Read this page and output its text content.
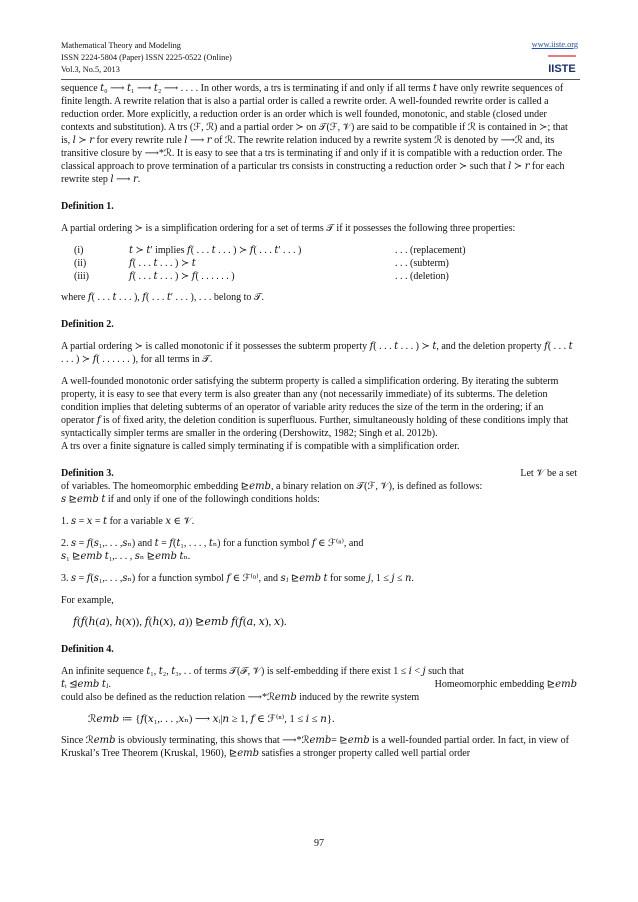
Mathematical Theory and Modeling
ISSN 2224-5804 (Paper) ISSN 2225-0522 (Online)
Vol.3, No.5, 2013
www.iiste.org
IISTE

sequence 𝑡₀ ⟶ 𝑡₁ ⟶ 𝑡₂ ⟶ . . . . In other words, a trs is terminating if and only if all terms 𝑡 have only rewrite sequences of finite length. A rewrite relation that is also a partial order is called a rewrite order. A well-founded rewrite order is called a reduction order. More explicitly, a reduction order is an order which is well founded, monotonic, and stable (closed under contexts and substitution). A trs (ℱ, ℛ) and a partial order ≻ on 𝒯(ℱ, 𝒱) are said to be compatible if ℛ is contained in ≻; that is, 𝑙 ≻ 𝑟 for every rewrite rule 𝑙 ⟶ 𝑟 of ℛ. The rewrite relation induced by a rewrite system ℛ is denoted by ⟶ℛ and, its transitive closure by ⟶*ℛ. It is easy to see that a trs is terminating if and only if it is compatible with a reduction order. The classical approach to prove termination of a particular trs consists in constructing a reduction order ≻ such that 𝑙 ≻ 𝑟 for each rewrite step 𝑙 ⟶ 𝑟.

Definition 1.

A partial ordering ≻ is a simplification ordering for a set of terms 𝒯 if it possesses the following three properties:

(i)	𝑡 ≻ 𝑡′ implies 𝑓( . . . 𝑡 . . . ) ≻ 𝑓( . . . 𝑡′ . . . )	. . . (replacement)
(ii)	𝑓( . . . 𝑡 . . . ) ≻ 𝑡	. . . (subterm)
(iii)	𝑓( . . . 𝑡 . . . ) ≻ 𝑓( . . . . . . )	. . . (deletion)

where 𝑓( . . . 𝑡 . . . ), 𝑓( . . . 𝑡′ . . . ), . . . belong to 𝒯.

Definition 2.

A partial ordering ≻ is called monotonic if it possesses the subterm property 𝑓( . . . 𝑡 . . . ) ≻ 𝑡, and the deletion property 𝑓( . . . 𝑡 . . . ) ≻ 𝑓( . . . . . . ), for all terms in 𝒯.

A well-founded monotonic order satisfying the subterm property is called a simplification ordering. By iterating the subterm property, it is easy to see that every term is also greater than any (not necessarily immediate) of its subterms. The deletion condition implies that deleting subterms of an operator of variable arity reduces the size of the term in the ordering; if an operator 𝑓 is of fixed arity, the deletion condition is superfluous. Further, simultaneously holding of these conditions imply that syntactically simpler terms are smaller in the ordering (Dershowitz, 1982; Singh et al. 2012b).

A trs over a finite signature is called simply terminating if is compatible with a simplification order.

Definition 3.	Let 𝒱 be a set

of variables. The homeomorphic embedding ⊵𝑒𝑚𝑏, a binary relation on 𝒯(ℱ, 𝒱), is defined as follows:

𝑠 ⊵𝑒𝑚𝑏 𝑡 if and only if one of the followingh conditions holds:

1. 𝑠 = 𝑥 = 𝑡 for a variable 𝑥 ∈ 𝒱.

2. 𝑠 = 𝑓(𝑠₁,. . . ,𝑠ₙ) and 𝑡 = 𝑓(𝑡₁, . . . , 𝑡ₙ) for a function symbol 𝑓 ∈ ℱ⁽ⁿ⁾, and

𝑠₁ ⊵𝑒𝑚𝑏 𝑡₁,. . . , 𝑠ₙ ⊵𝑒𝑚𝑏 𝑡ₙ.

3. 𝑠 = 𝑓(𝑠₁,. . . ,𝑠ₙ) for a function symbol 𝑓 ∈ ℱ⁽ⁿ⁾, and 𝑠ⱼ ⊵𝑒𝑚𝑏 𝑡 for some 𝑗, 1 ≤ 𝑗 ≤ 𝑛.

For example,

𝑓(𝑓(ℎ(𝑎), ℎ(𝑥)), 𝑓(ℎ(𝑥), 𝑎)) ⊵𝑒𝑚𝑏 𝑓(𝑓(𝑎, 𝑥), 𝑥).
Definition 4.

An infinite sequence 𝑡₁, 𝑡₂, 𝑡₃, . . of terms 𝒯(ℱ, 𝒱) is self-embedding if there exist 1 ≤ 𝑖 < 𝑗 such that

𝑡ᵢ ⊴𝑒𝑚𝑏 𝑡ⱼ.	Homeomorphic embedding ⊵𝑒𝑚𝑏

could also be defined as the reduction relation ⟶*ℛ𝑒𝑚𝑏 induced by the rewrite system

ℛ𝑒𝑚𝑏 ≔ {𝑓(𝑥₁,. . . ,𝑥ₙ) ⟶ 𝑥ᵢ|𝑛 ≥ 1, 𝑓 ∈ ℱ⁽ⁿ⁾, 1 ≤ 𝑖 ≤ 𝑛}.

Since ℛ𝑒𝑚𝑏 is obviously terminating, this shows that ⟶*ℛ𝑒𝑚𝑏= ⊵𝑒𝑚𝑏 is a well-founded partial order. In fact, in view of Kruskal’s Tree Theorem (Kruskal, 1960), ⊵𝑒𝑚𝑏 satisfies a stronger property called well partial order

97
